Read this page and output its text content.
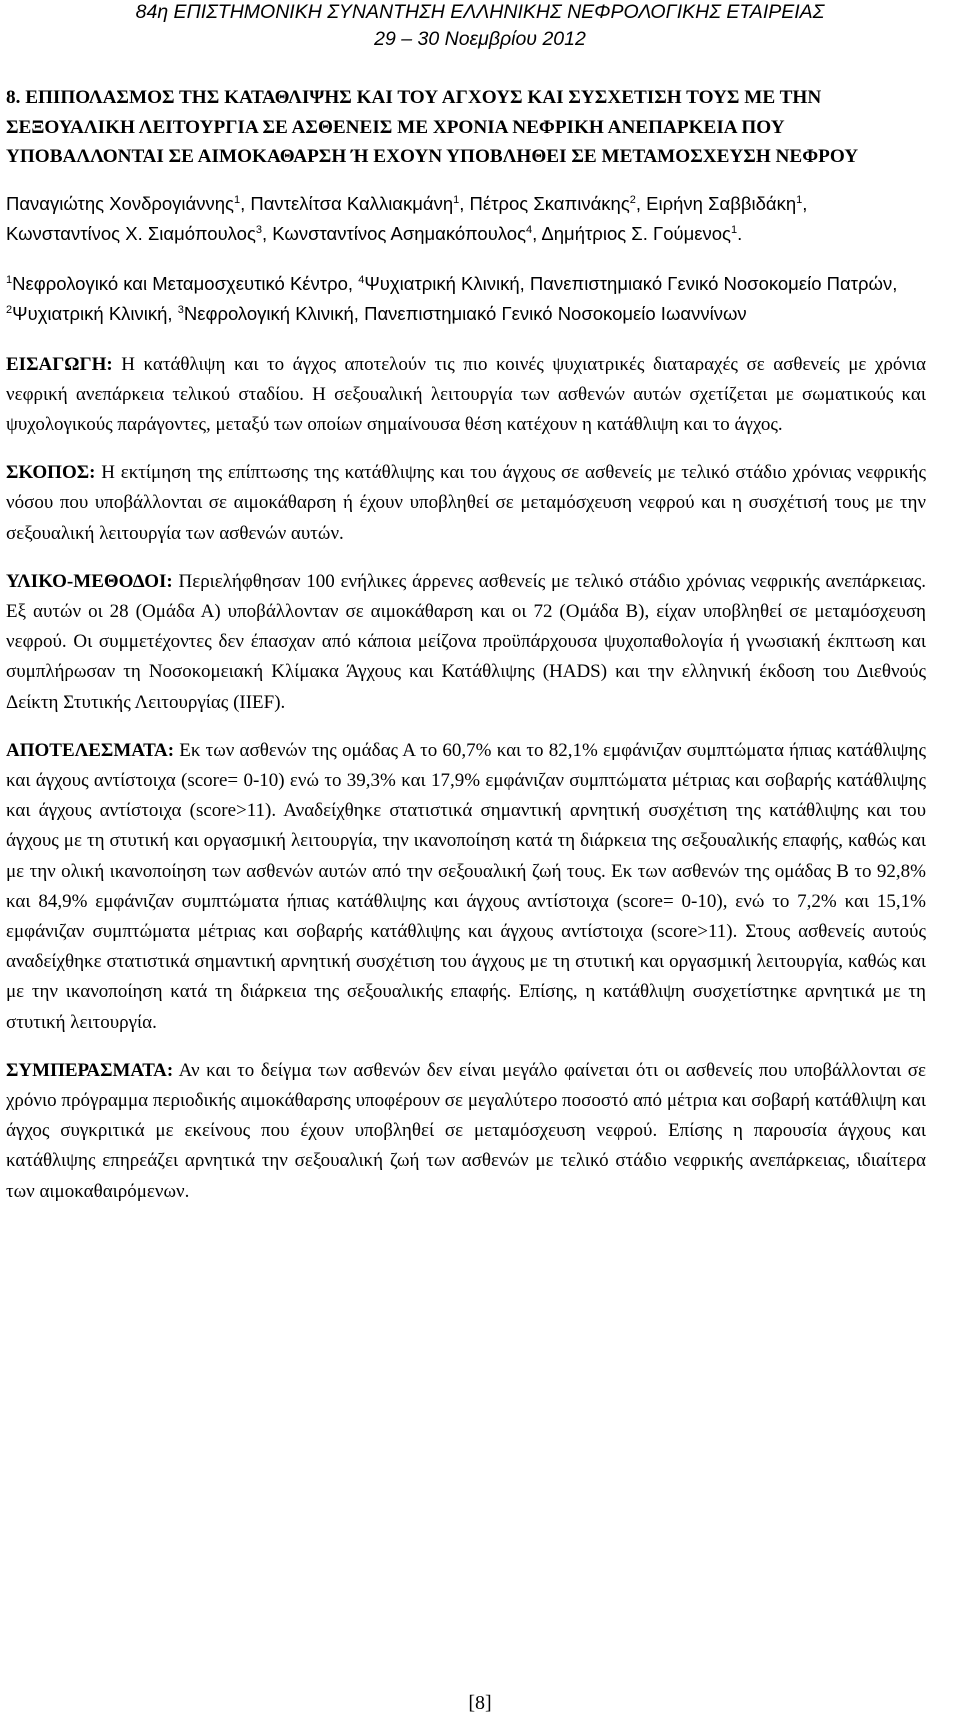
84η ΕΠΙΣΤΗΜΟΝΙΚΗ ΣΥΝΑΝΤΗΣΗ ΕΛΛΗΝΙΚΗΣ ΝΕΦΡΟΛΟΓΙΚΗΣ ΕΤΑΙΡΕΙΑΣ
29 – 30 Νοεμβρίου 2012

8. ΕΠΙΠΟΛΑΣΜΟΣ ΤΗΣ ΚΑΤΑΘΛΙΨΗΣ ΚΑΙ ΤΟΥ ΑΓΧΟΥΣ ΚΑΙ ΣΥΣΧΕΤΙΣΗ ΤΟΥΣ ΜΕ ΤΗΝ ΣΕΞΟΥΑΛΙΚΗ ΛΕΙΤΟΥΡΓΙΑ ΣΕ ΑΣΘΕΝΕΙΣ ΜΕ ΧΡΟΝΙΑ ΝΕΦΡΙΚΗ ΑΝΕΠΑΡΚΕΙΑ ΠΟΥ ΥΠΟΒΑΛΛΟΝΤΑΙ ΣΕ ΑΙΜΟΚΑΘΑΡΣΗ Ή ΕΧΟΥΝ ΥΠΟΒΛΗΘΕΙ ΣΕ ΜΕΤΑΜΟΣΧΕΥΣΗ ΝΕΦΡΟΥ

Παναγιώτης Χονδρογιάννης$^1$, Παντελίτσα Καλλιακμάνη$^1$, Πέτρος Σκαπινάκης$^2$, Ειρήνη Σαββιδάκη$^1$, Κωνσταντίνος Χ. Σιαμόπουλος$^3$, Κωνσταντίνος Ασημακόπουλος$^4$, Δημήτριος Σ. Γούμενος$^1$.

$^1$Νεφρολογικό και Μεταμοσχευτικό Κέντρο, $^4$Ψυχιατρική Κλινική, Πανεπιστημιακό Γενικό Νοσοκομείο Πατρών, $^2$Ψυχιατρική Κλινική, $^3$Νεφρολογική Κλινική, Πανεπιστημιακό Γενικό Νοσοκομείο Ιωαννίνων

ΕΙΣΑΓΩΓΗ: Η κατάθλιψη και το άγχος αποτελούν τις πιο κοινές ψυχιατρικές διαταραχές σε ασθενείς με χρόνια νεφρική ανεπάρκεια τελικού σταδίου. Η σεξουαλική λειτουργία των ασθενών αυτών σχετίζεται με σωματικούς και ψυχολογικούς παράγοντες, μεταξύ των οποίων σημαίνουσα θέση κατέχουν η κατάθλιψη και το άγχος.

ΣΚΟΠΟΣ: Η εκτίμηση της επίπτωσης της κατάθλιψης και του άγχους σε ασθενείς με τελικό στάδιο χρόνιας νεφρικής νόσου που υποβάλλονται σε αιμοκάθαρση ή έχουν υποβληθεί σε μεταμόσχευση νεφρού και η συσχέτισή τους με την σεξουαλική λειτουργία των ασθενών αυτών.

ΥΛΙΚΟ-ΜΕΘΟΔΟΙ: Περιελήφθησαν 100 ενήλικες άρρενες ασθενείς με τελικό στάδιο χρόνιας νεφρικής ανεπάρκειας. Εξ αυτών οι 28 (Ομάδα Α) υποβάλλονταν σε αιμοκάθαρση και οι 72 (Ομάδα Β), είχαν υποβληθεί σε μεταμόσχευση νεφρού. Οι συμμετέχοντες δεν έπασχαν από κάποια μείζονα προϋπάρχουσα ψυχοπαθολογία ή γνωσιακή έκπτωση και συμπλήρωσαν τη Νοσοκομειακή Κλίμακα Άγχους και Κατάθλιψης (HADS) και την ελληνική έκδοση του Διεθνούς Δείκτη Στυτικής Λειτουργίας (IIEF).

ΑΠΟΤΕΛΕΣΜΑΤΑ: Εκ των ασθενών της ομάδας Α το 60,7% και το 82,1% εμφάνιζαν συμπτώματα ήπιας κατάθλιψης και άγχους αντίστοιχα (score= 0-10) ενώ το 39,3% και 17,9% εμφάνιζαν συμπτώματα μέτριας και σοβαρής κατάθλιψης και άγχους αντίστοιχα (score>11). Αναδείχθηκε στατιστικά σημαντική αρνητική συσχέτιση της κατάθλιψης και του άγχους με τη στυτική και οργασμική λειτουργία, την ικανοποίηση κατά τη διάρκεια της σεξουαλικής επαφής, καθώς και με την ολική ικανοποίηση των ασθενών αυτών από την σεξουαλική ζωή τους. Εκ των ασθενών της ομάδας Β το 92,8% και 84,9% εμφάνιζαν συμπτώματα ήπιας κατάθλιψης και άγχους αντίστοιχα (score= 0-10), ενώ το 7,2% και 15,1% εμφάνιζαν συμπτώματα μέτριας και σοβαρής κατάθλιψης και άγχους αντίστοιχα (score>11). Στους ασθενείς αυτούς αναδείχθηκε στατιστικά σημαντική αρνητική συσχέτιση του άγχους με τη στυτική και οργασμική λειτουργία, καθώς και με την ικανοποίηση κατά τη διάρκεια της σεξουαλικής επαφής. Επίσης, η κατάθλιψη συσχετίστηκε αρνητικά με τη στυτική λειτουργία.

ΣΥΜΠΕΡΑΣΜΑΤΑ: Αν και το δείγμα των ασθενών δεν είναι μεγάλο φαίνεται ότι οι ασθενείς που υποβάλλονται σε χρόνιο πρόγραμμα περιοδικής αιμοκάθαρσης υποφέρουν σε μεγαλύτερο ποσοστό από μέτρια και σοβαρή κατάθλιψη και άγχος συγκριτικά με εκείνους που έχουν υποβληθεί σε μεταμόσχευση νεφρού. Επίσης η παρουσία άγχους και κατάθλιψης επηρεάζει αρνητικά την σεξουαλική ζωή των ασθενών με τελικό στάδιο νεφρικής ανεπάρκειας, ιδιαίτερα των αιμοκαθαιρόμενων.

[8]
